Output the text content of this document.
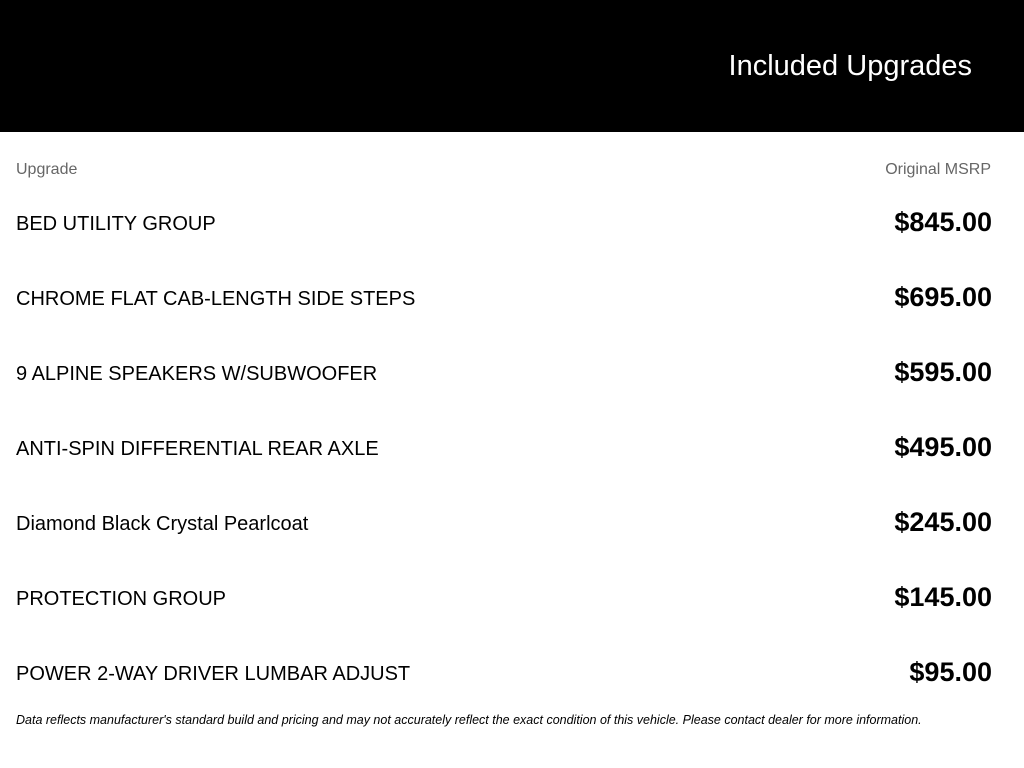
Included Upgrades
Upgrade	Original MSRP
BED UTILITY GROUP	$845.00
CHROME FLAT CAB-LENGTH SIDE STEPS	$695.00
9 ALPINE SPEAKERS W/SUBWOOFER	$595.00
ANTI-SPIN DIFFERENTIAL REAR AXLE	$495.00
Diamond Black Crystal Pearlcoat	$245.00
PROTECTION GROUP	$145.00
POWER 2-WAY DRIVER LUMBAR ADJUST	$95.00
Data reflects manufacturer's standard build and pricing and may not accurately reflect the exact condition of this vehicle. Please contact dealer for more information.
